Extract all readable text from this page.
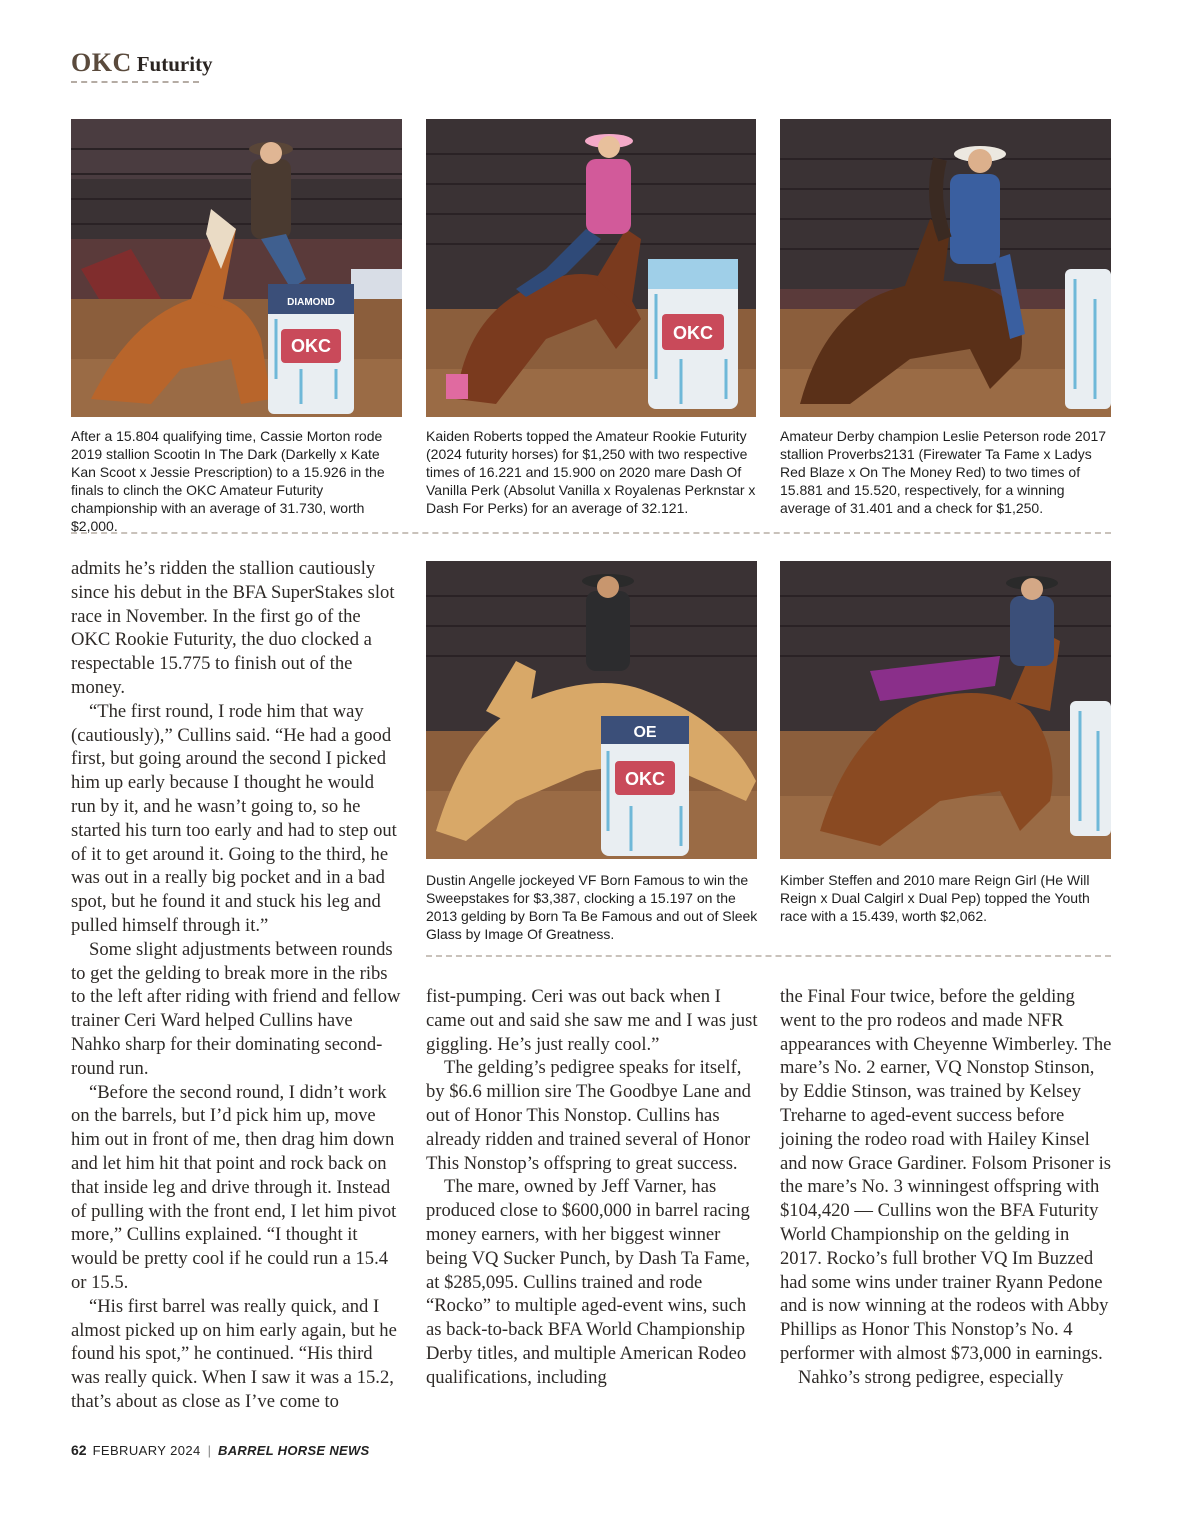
OKC Futurity
OKC
DIAMOND
OKC
After a 15.804 qualifying time, Cassie Morton rode 2019 stallion Scootin In The Dark (Darkelly x Kate Kan Scoot x Jessie Prescription) to a 15.926 in the finals to clinch the OKC Amateur Futurity championship with an average of 31.730, worth $2,000.
Kaiden Roberts topped the Amateur Rookie Futurity (2024 futurity horses) for $1,250 with two respective times of 16.221 and 15.900 on 2020 mare Dash Of Vanilla Perk (Absolut Vanilla x Royalenas Perknstar x Dash For Perks) for an average of 32.121.
Amateur Derby champion Leslie Peterson rode 2017 stallion Proverbs2131 (Firewater Ta Fame x Ladys Red Blaze x On The Money Red) to two times of 15.881 and 15.520, respectively, for a winning average of 31.401 and a check for $1,250.
OE
OKC
Dustin Angelle jockeyed VF Born Famous to win the Sweepstakes for $3,387, clocking a 15.197 on the 2013 gelding by Born Ta Be Famous and out of Sleek Glass by Image Of Greatness.
Kimber Steffen and 2010 mare Reign Girl (He Will Reign x Dual Calgirl x Dual Pep) topped the Youth race with a 15.439, worth $2,062.

admits he’s ridden the stallion cautiously since his debut in the BFA SuperStakes slot race in November. In the first go of the OKC Rookie Futurity, the duo clocked a respectable 15.775 to finish out of the money.

“The first round, I rode him that way (cautiously),” Cullins said. “He had a good first, but going around the second I picked him up early because I thought he would run by it, and he wasn’t going to, so he started his turn too early and had to step out of it to get around it. Going to the third, he was out in a really big pocket and in a bad spot, but he found it and stuck his leg and pulled himself through it.”

Some slight adjustments between rounds to get the gelding to break more in the ribs to the left after riding with friend and fellow trainer Ceri Ward helped Cullins have Nahko sharp for their dominating second-round run.

“Before the second round, I didn’t work on the barrels, but I’d pick him up, move him out in front of me, then drag him down and let him hit that point and rock back on that inside leg and drive through it. Instead of pulling with the front end, I let him pivot more,” Cullins explained. “I thought it would be pretty cool if he could run a 15.4 or 15.5.

“His first barrel was really quick, and I almost picked up on him early again, but he found his spot,” he continued. “His third was really quick. When I saw it was a 15.2, that’s about as close as I’ve come to

fist-pumping. Ceri was out back when I came out and said she saw me and I was just giggling. He’s just really cool.”

The gelding’s pedigree speaks for itself, by $6.6 million sire The Goodbye Lane and out of Honor This Nonstop. Cullins has already ridden and trained several of Honor This Nonstop’s offspring to great success.

The mare, owned by Jeff Varner, has produced close to $600,000 in barrel racing money earners, with her biggest winner being VQ Sucker Punch, by Dash Ta Fame, at $285,095. Cullins trained and rode “Rocko” to multiple aged-event wins, such as back-to-back BFA World Championship Derby titles, and multiple American Rodeo qualifications, including

the Final Four twice, before the gelding went to the pro rodeos and made NFR appearances with Cheyenne Wimberley. The mare’s No. 2 earner, VQ Nonstop Stinson, by Eddie Stinson, was trained by Kelsey Treharne to aged-event success before joining the rodeo road with Hailey Kinsel and now Grace Gardiner. Folsom Prisoner is the mare’s No. 3 winningest offspring with $104,420 — Cullins won the BFA Futurity World Championship on the gelding in 2017. Rocko’s full brother VQ Im Buzzed had some wins under trainer Ryann Pedone and is now winning at the rodeos with Abby Phillips as Honor This Nonstop’s No. 4 performer with almost $73,000 in earnings.

Nahko’s strong pedigree, especially

62 FEBRUARY 2024 | BARREL HORSE NEWS
